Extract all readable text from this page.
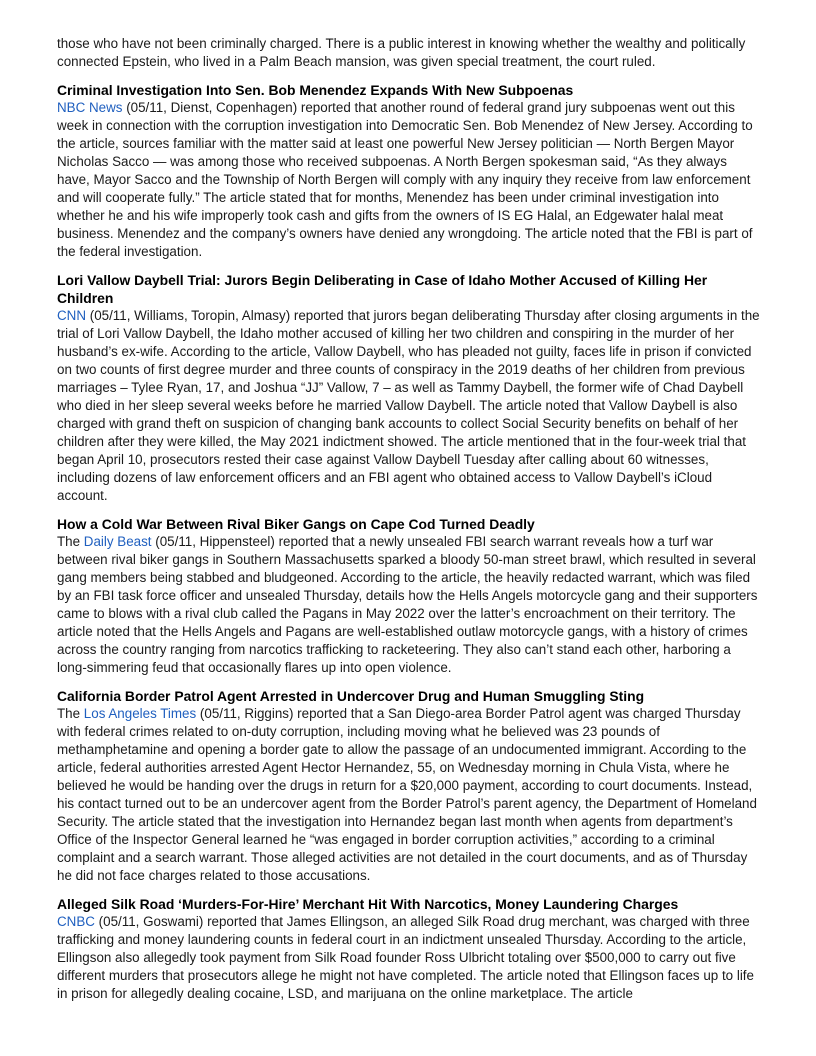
those who have not been criminally charged. There is a public interest in knowing whether the wealthy and politically connected Epstein, who lived in a Palm Beach mansion, was given special treatment, the court ruled.

Criminal Investigation Into Sen. Bob Menendez Expands With New Subpoenas

NBC News (05/11, Dienst, Copenhagen) reported that another round of federal grand jury subpoenas went out this week in connection with the corruption investigation into Democratic Sen. Bob Menendez of New Jersey. According to the article, sources familiar with the matter said at least one powerful New Jersey politician — North Bergen Mayor Nicholas Sacco — was among those who received subpoenas. A North Bergen spokesman said, “As they always have, Mayor Sacco and the Township of North Bergen will comply with any inquiry they receive from law enforcement and will cooperate fully.” The article stated that for months, Menendez has been under criminal investigation into whether he and his wife improperly took cash and gifts from the owners of IS EG Halal, an Edgewater halal meat business. Menendez and the company’s owners have denied any wrongdoing. The article noted that the FBI is part of the federal investigation.

Lori Vallow Daybell Trial: Jurors Begin Deliberating in Case of Idaho Mother Accused of Killing Her Children

CNN (05/11, Williams, Toropin, Almasy) reported that jurors began deliberating Thursday after closing arguments in the trial of Lori Vallow Daybell, the Idaho mother accused of killing her two children and conspiring in the murder of her husband’s ex-wife. According to the article, Vallow Daybell, who has pleaded not guilty, faces life in prison if convicted on two counts of first degree murder and three counts of conspiracy in the 2019 deaths of her children from previous marriages – Tylee Ryan, 17, and Joshua “JJ” Vallow, 7 – as well as Tammy Daybell, the former wife of Chad Daybell who died in her sleep several weeks before he married Vallow Daybell. The article noted that Vallow Daybell is also charged with grand theft on suspicion of changing bank accounts to collect Social Security benefits on behalf of her children after they were killed, the May 2021 indictment showed. The article mentioned that in the four-week trial that began April 10, prosecutors rested their case against Vallow Daybell Tuesday after calling about 60 witnesses, including dozens of law enforcement officers and an FBI agent who obtained access to Vallow Daybell’s iCloud account.

How a Cold War Between Rival Biker Gangs on Cape Cod Turned Deadly

The Daily Beast (05/11, Hippensteel) reported that a newly unsealed FBI search warrant reveals how a turf war between rival biker gangs in Southern Massachusetts sparked a bloody 50-man street brawl, which resulted in several gang members being stabbed and bludgeoned. According to the article, the heavily redacted warrant, which was filed by an FBI task force officer and unsealed Thursday, details how the Hells Angels motorcycle gang and their supporters came to blows with a rival club called the Pagans in May 2022 over the latter’s encroachment on their territory. The article noted that the Hells Angels and Pagans are well-established outlaw motorcycle gangs, with a history of crimes across the country ranging from narcotics trafficking to racketeering. They also can’t stand each other, harboring a long-simmering feud that occasionally flares up into open violence.

California Border Patrol Agent Arrested in Undercover Drug and Human Smuggling Sting

The Los Angeles Times (05/11, Riggins) reported that a San Diego-area Border Patrol agent was charged Thursday with federal crimes related to on-duty corruption, including moving what he believed was 23 pounds of methamphetamine and opening a border gate to allow the passage of an undocumented immigrant. According to the article, federal authorities arrested Agent Hector Hernandez, 55, on Wednesday morning in Chula Vista, where he believed he would be handing over the drugs in return for a $20,000 payment, according to court documents. Instead, his contact turned out to be an undercover agent from the Border Patrol’s parent agency, the Department of Homeland Security. The article stated that the investigation into Hernandez began last month when agents from department’s Office of the Inspector General learned he “was engaged in border corruption activities,” according to a criminal complaint and a search warrant. Those alleged activities are not detailed in the court documents, and as of Thursday he did not face charges related to those accusations.

Alleged Silk Road ‘Murders-For-Hire’ Merchant Hit With Narcotics, Money Laundering Charges

CNBC (05/11, Goswami) reported that James Ellingson, an alleged Silk Road drug merchant, was charged with three trafficking and money laundering counts in federal court in an indictment unsealed Thursday. According to the article, Ellingson also allegedly took payment from Silk Road founder Ross Ulbricht totaling over $500,000 to carry out five different murders that prosecutors allege he might not have completed. The article noted that Ellingson faces up to life in prison for allegedly dealing cocaine, LSD, and marijuana on the online marketplace. The article
